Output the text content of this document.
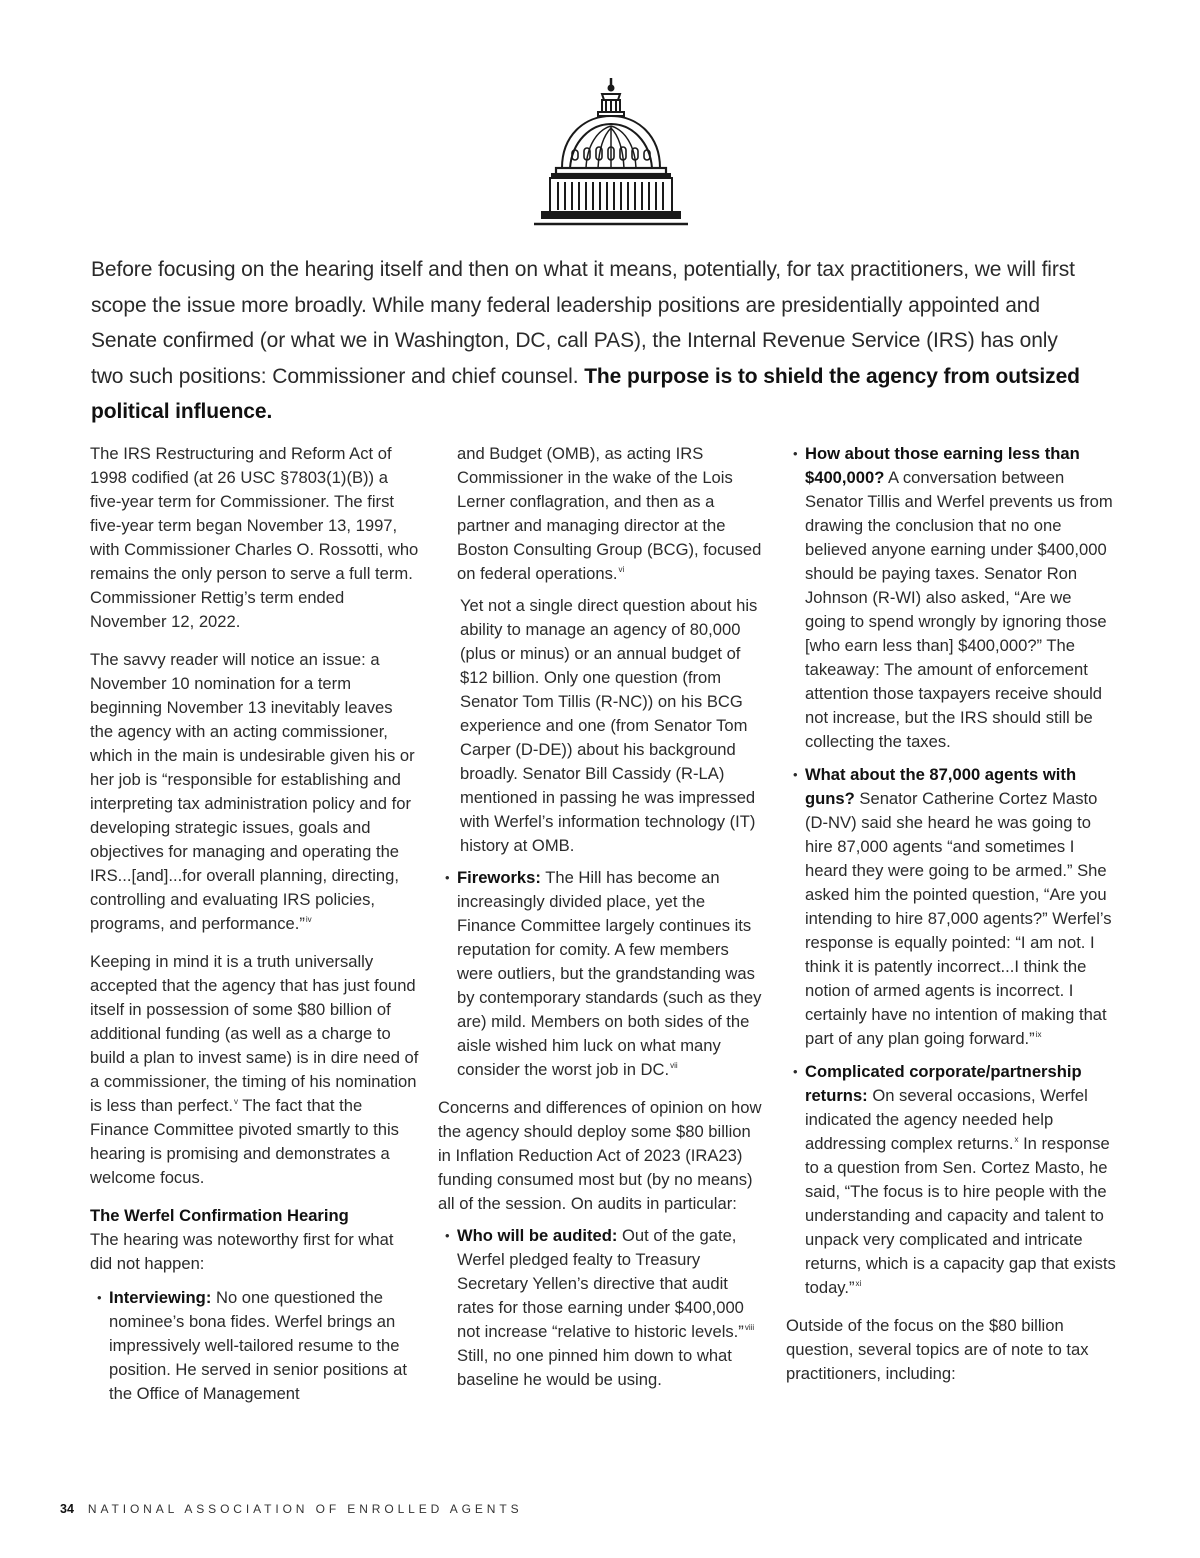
Before focusing on the hearing itself and then on what it means, potentially, for tax practitioners, we will first scope the issue more broadly. While many federal leadership positions are presidentially appointed and Senate confirmed (or what we in Washington, DC, call PAS), the Internal Revenue Service (IRS) has only two such positions: Commissioner and chief counsel. The purpose is to shield the agency from outsized political influence.

The IRS Restructuring and Reform Act of 1998 codified (at 26 USC §7803(1)(B)) a five-year term for Commissioner. The first five-year term began November 13, 1997, with Commissioner Charles O. Rossotti, who remains the only person to serve a full term. Commissioner Rettig’s term ended November 12, 2022.

The savvy reader will notice an issue: a November 10 nomination for a term beginning November 13 inevitably leaves the agency with an acting commissioner, which in the main is undesirable given his or her job is “responsible for establishing and interpreting tax administration policy and for developing strategic issues, goals and objectives for managing and operating the IRS...[and]...for overall planning, directing, controlling and evaluating IRS policies, programs, and performance.”$^{iv}$

Keeping in mind it is a truth universally accepted that the agency that has just found itself in possession of some $80 billion of additional funding (as well as a charge to build a plan to invest same) is in dire need of a commissioner, the timing of his nomination is less than perfect.$^v$ The fact that the Finance Committee pivoted smartly to this hearing is promising and demonstrates a welcome focus.

The Werfel Confirmation Hearing
The hearing was noteworthy first for what did not happen:

• Interviewing: No one questioned the nominee’s bona fides. Werfel brings an impressively well-tailored resume to the position. He served in senior positions at the Office of Management

and Budget (OMB), as acting IRS Commissioner in the wake of the Lois Lerner conflagration, and then as a partner and managing director at the Boston Consulting Group (BCG), focused on federal operations.$^{vi}$

Yet not a single direct question about his ability to manage an agency of 80,000 (plus or minus) or an annual budget of $12 billion. Only one question (from Senator Tom Tillis (R-NC)) on his BCG experience and one (from Senator Tom Carper (D-DE)) about his background broadly. Senator Bill Cassidy (R-LA) mentioned in passing he was impressed with Werfel’s information technology (IT) history at OMB.

• Fireworks: The Hill has become an increasingly divided place, yet the Finance Committee largely continues its reputation for comity. A few members were outliers, but the grandstanding was by contemporary standards (such as they are) mild. Members on both sides of the aisle wished him luck on what many consider the worst job in DC.$^{vii}$

Concerns and differences of opinion on how the agency should deploy some $80 billion in Inflation Reduction Act of 2023 (IRA23) funding consumed most but (by no means) all of the session. On audits in particular:

• Who will be audited: Out of the gate, Werfel pledged fealty to Treasury Secretary Yellen’s directive that audit rates for those earning under $400,000 not increase “relative to historic levels.”$^{viii}$ Still, no one pinned him down to what baseline he would be using.
• How about those earning less than $400,000? A conversation between Senator Tillis and Werfel prevents us from drawing the conclusion that no one believed anyone earning under $400,000 should be paying taxes. Senator Ron Johnson (R-WI) also asked, “Are we going to spend wrongly by ignoring those [who earn less than] $400,000?” The takeaway: The amount of enforcement attention those taxpayers receive should not increase, but the IRS should still be collecting the taxes.
• What about the 87,000 agents with guns? Senator Catherine Cortez Masto (D-NV) said she heard he was going to hire 87,000 agents “and sometimes I heard they were going to be armed.” She asked him the pointed question, “Are you intending to hire 87,000 agents?” Werfel’s response is equally pointed: “I am not. I think it is patently incorrect...I think the notion of armed agents is incorrect. I certainly have no intention of making that part of any plan going forward.”$^{ix}$
• Complicated corporate/partnership returns: On several occasions, Werfel indicated the agency needed help addressing complex returns.$^x$ In response to a question from Sen. Cortez Masto, he said, “The focus is to hire people with the understanding and capacity and talent to unpack very complicated and intricate returns, which is a capacity gap that exists today.”$^{xi}$

Outside of the focus on the $80 billion question, several topics are of note to tax practitioners, including:

34 NATIONAL ASSOCIATION OF ENROLLED AGENTS
